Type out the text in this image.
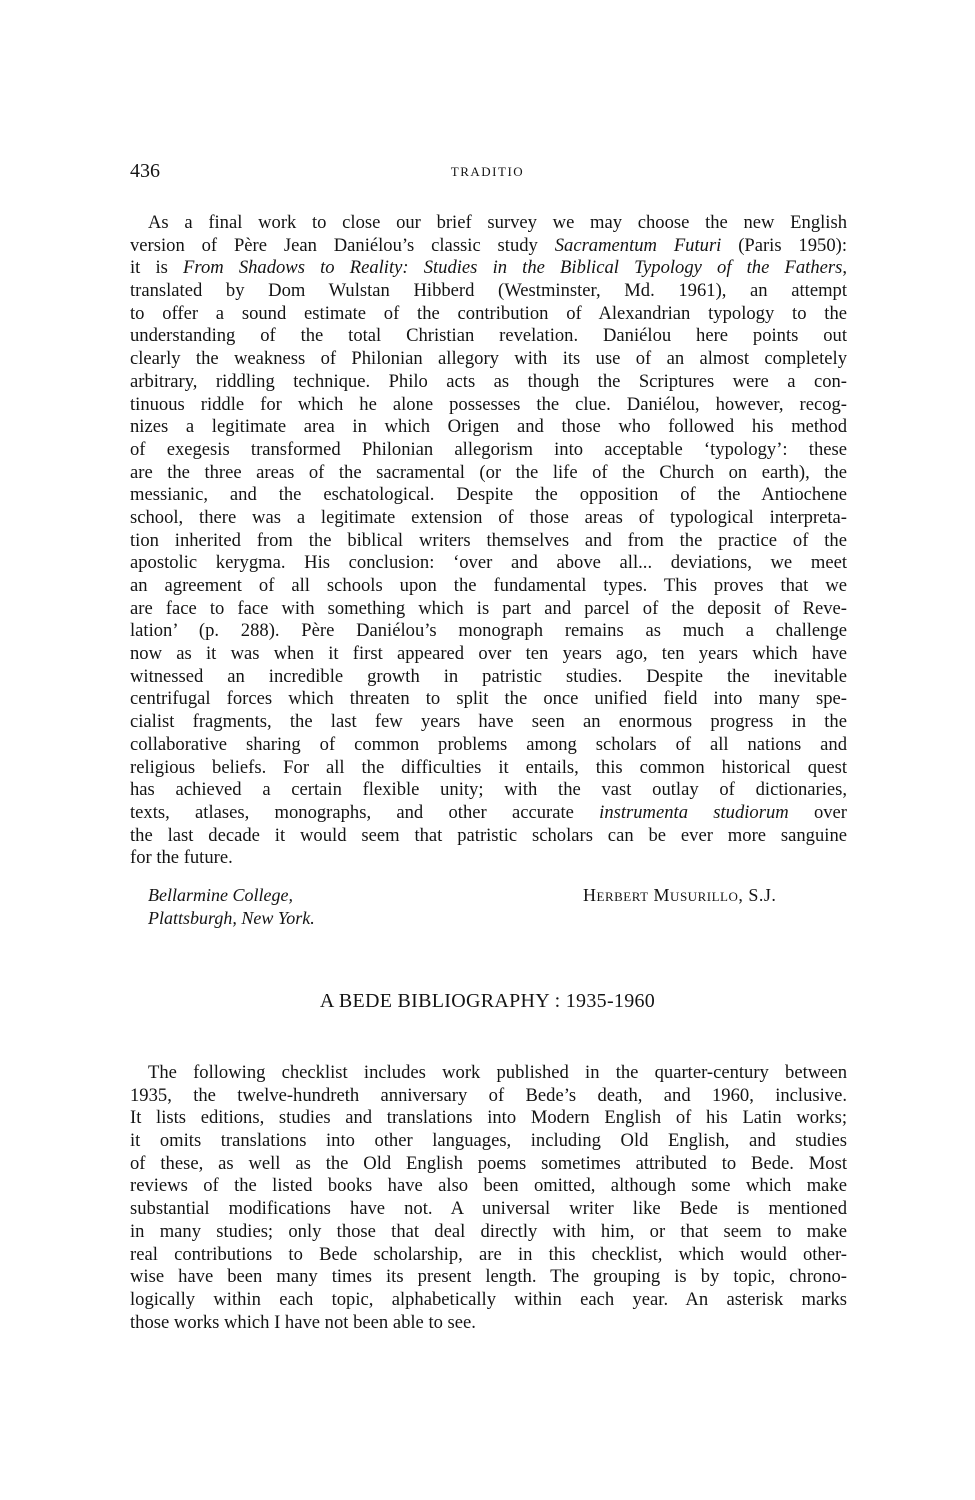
436	TRADITIO
As a final work to close our brief survey we may choose the new English
version of Père Jean Daniélou’s classic study Sacramentum Futuri (Paris 1950):
it is From Shadows to Reality: Studies in the Biblical Typology of the Fathers,
translated by Dom Wulstan Hibberd (Westminster, Md. 1961), an attempt
to offer a sound estimate of the contribution of Alexandrian typology to the
understanding of the total Christian revelation. Daniélou here points out
clearly the weakness of Philonian allegory with its use of an almost completely
arbitrary, riddling technique. Philo acts as though the Scriptures were a con-
tinuous riddle for which he alone possesses the clue. Daniélou, however, recog-
nizes a legitimate area in which Origen and those who followed his method
of exegesis transformed Philonian allegorism into acceptable ‘typology’: these
are the three areas of the sacramental (or the life of the Church on earth), the
messianic, and the eschatological. Despite the opposition of the Antiochene
school, there was a legitimate extension of those areas of typological interpreta-
tion inherited from the biblical writers themselves and from the practice of the
apostolic kerygma. His conclusion: ‘over and above all... deviations, we meet
an agreement of all schools upon the fundamental types. This proves that we
are face to face with something which is part and parcel of the deposit of Reve-
lation’ (p. 288). Père Daniélou’s monograph remains as much a challenge
now as it was when it first appeared over ten years ago, ten years which have
witnessed an incredible growth in patristic studies. Despite the inevitable
centrifugal forces which threaten to split the once unified field into many spe-
cialist fragments, the last few years have seen an enormous progress in the
collaborative sharing of common problems among scholars of all nations and
religious beliefs. For all the difficulties it entails, this common historical quest
has achieved a certain flexible unity; with the vast outlay of dictionaries,
texts, atlases, monographs, and other accurate instrumenta studiorum over
the last decade it would seem that patristic scholars can be ever more sanguine
for the future.
Bellarmine College,
Plattsburgh, New York.
Herbert Musurillo, S.J.
A BEDE BIBLIOGRAPHY : 1935-1960
The following checklist includes work published in the quarter-century between
1935, the twelve-hundreth anniversary of Bede’s death, and 1960, inclusive.
It lists editions, studies and translations into Modern English of his Latin works;
it omits translations into other languages, including Old English, and studies
of these, as well as the Old English poems sometimes attributed to Bede. Most
reviews of the listed books have also been omitted, although some which make
substantial modifications have not. A universal writer like Bede is mentioned
in many studies; only those that deal directly with him, or that seem to make
real contributions to Bede scholarship, are in this checklist, which would other-
wise have been many times its present length. The grouping is by topic, chrono-
logically within each topic, alphabetically within each year. An asterisk marks
those works which I have not been able to see.
